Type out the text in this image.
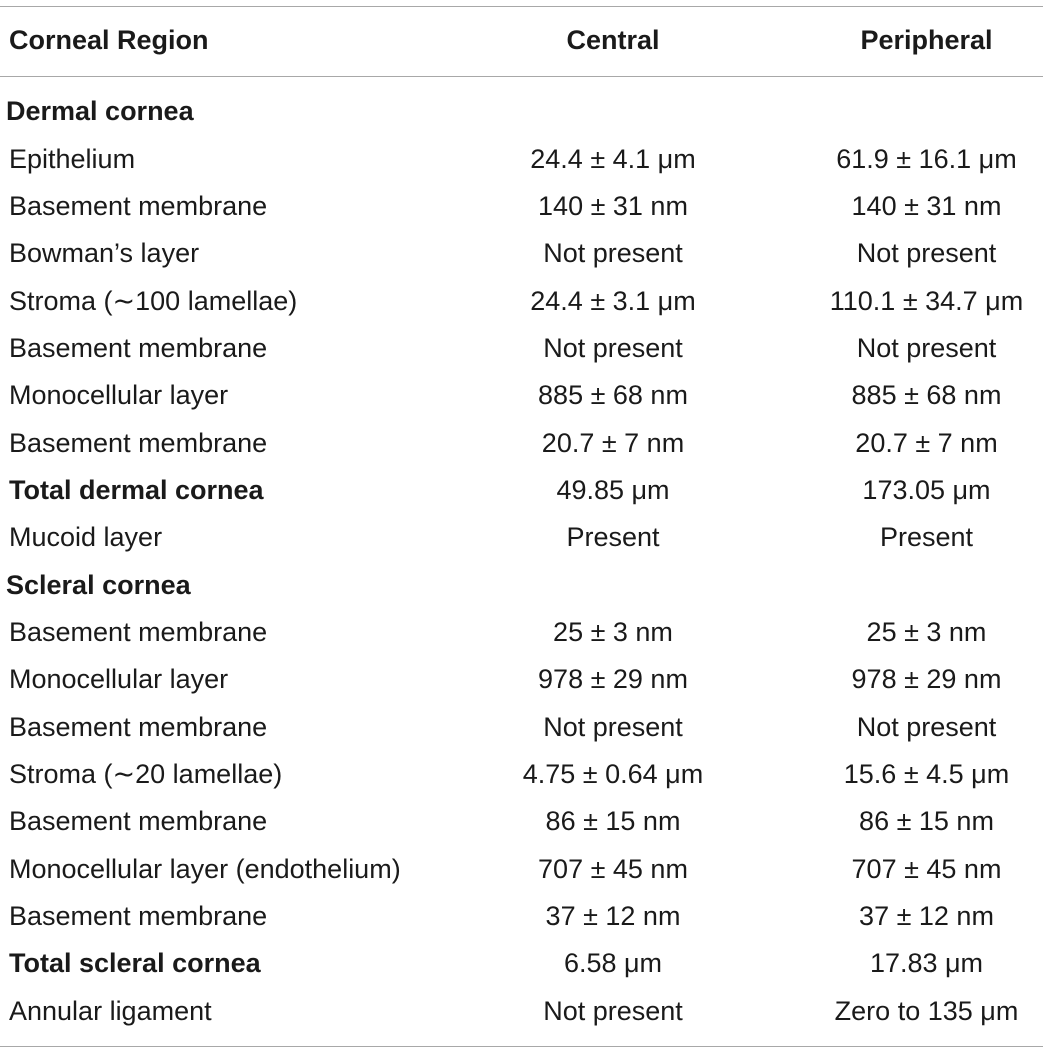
Corneal Region	Central	Peripheral
Dermal cornea
Epithelium	24.4 ± 4.1 μm	61.9 ± 16.1 μm
Basement membrane	140 ± 31 nm	140 ± 31 nm
Bowman’s layer	Not present	Not present
Stroma (∼100 lamellae)	24.4 ± 3.1 μm	110.1 ± 34.7 μm
Basement membrane	Not present	Not present
Monocellular layer	885 ± 68 nm	885 ± 68 nm
Basement membrane	20.7 ± 7 nm	20.7 ± 7 nm
Total dermal cornea	49.85 μm	173.05 μm
Mucoid layer	Present	Present
Scleral cornea
Basement membrane	25 ± 3 nm	25 ± 3 nm
Monocellular layer	978 ± 29 nm	978 ± 29 nm
Basement membrane	Not present	Not present
Stroma (∼20 lamellae)	4.75 ± 0.64 μm	15.6 ± 4.5 μm
Basement membrane	86 ± 15 nm	86 ± 15 nm
Monocellular layer (endothelium)	707 ± 45 nm	707 ± 45 nm
Basement membrane	37 ± 12 nm	37 ± 12 nm
Total scleral cornea	6.58 μm	17.83 μm
Annular ligament	Not present	Zero to 135 μm
